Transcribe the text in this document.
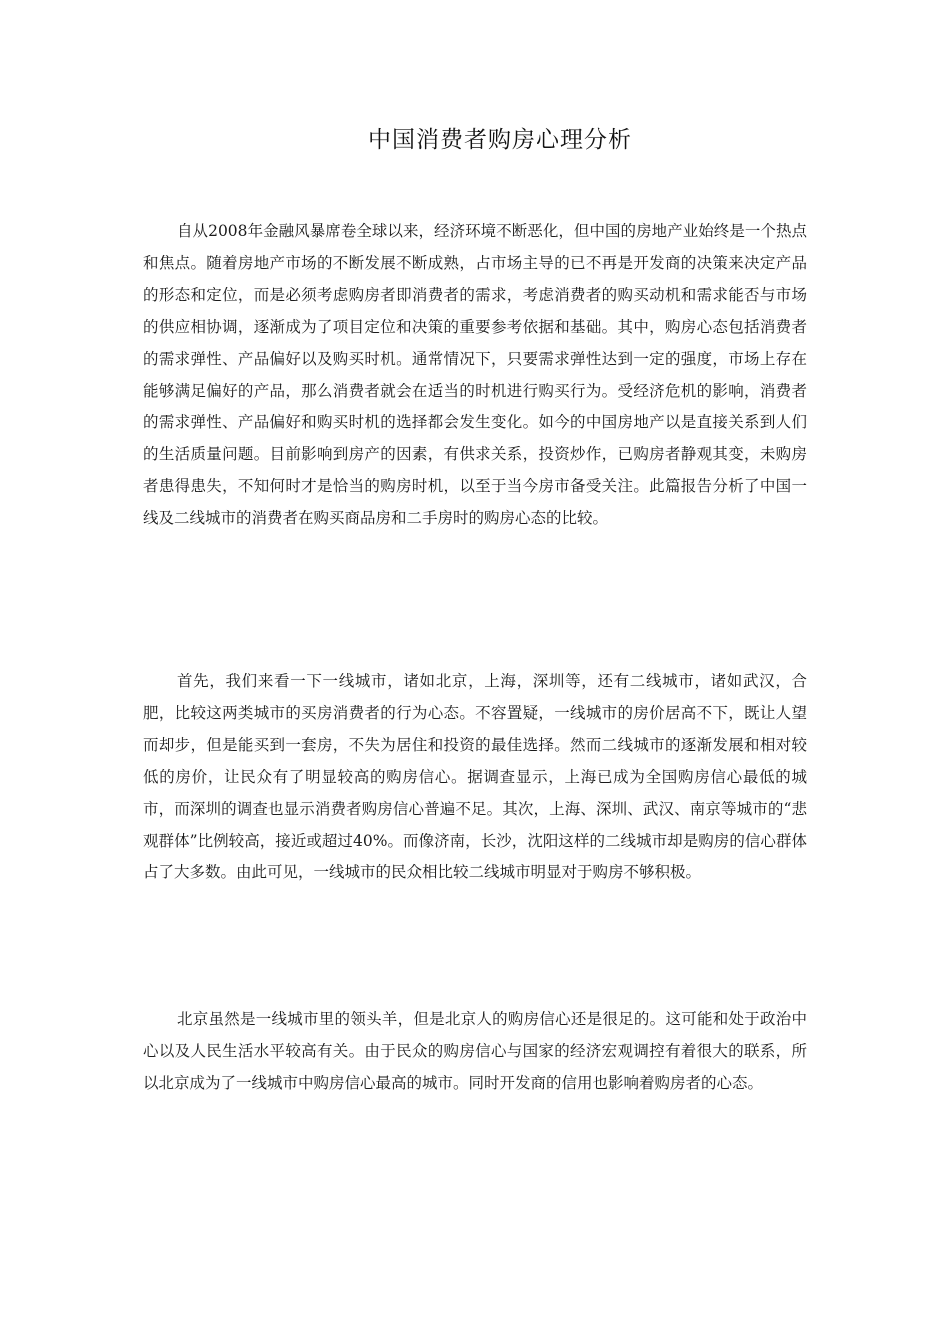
中国消费者购房心理分析

自从2008年金融风暴席卷全球以来，经济环境不断恶化，但中国的房地产业始终是一个热点和焦点。随着房地产市场的不断发展不断成熟，占市场主导的已不再是开发商的决策来决定产品的形态和定位，而是必须考虑购房者即消费者的需求，考虑消费者的购买动机和需求能否与市场的供应相协调，逐渐成为了项目定位和决策的重要参考依据和基础。其中，购房心态包括消费者的需求弹性、产品偏好以及购买时机。通常情况下，只要需求弹性达到一定的强度，市场上存在能够满足偏好的产品，那么消费者就会在适当的时机进行购买行为。受经济危机的影响，消费者的需求弹性、产品偏好和购买时机的选择都会发生变化。如今的中国房地产以是直接关系到人们的生活质量问题。目前影响到房产的因素，有供求关系，投资炒作，已购房者静观其变，未购房者患得患失，不知何时才是恰当的购房时机，以至于当今房市备受关注。此篇报告分析了中国一线及二线城市的消费者在购买商品房和二手房时的购房心态的比较。

首先，我们来看一下一线城市，诸如北京，上海，深圳等，还有二线城市，诸如武汉，合肥，比较这两类城市的买房消费者的行为心态。不容置疑，一线城市的房价居高不下，既让人望而却步，但是能买到一套房，不失为居住和投资的最佳选择。然而二线城市的逐渐发展和相对较低的房价，让民众有了明显较高的购房信心。据调查显示，上海已成为全国购房信心最低的城市，而深圳的调查也显示消费者购房信心普遍不足。其次，上海、深圳、武汉、南京等城市的“悲观群体”比例较高，接近或超过40%。而像济南，长沙，沈阳这样的二线城市却是购房的信心群体占了大多数。由此可见，一线城市的民众相比较二线城市明显对于购房不够积极。

北京虽然是一线城市里的领头羊，但是北京人的购房信心还是很足的。这可能和处于政治中心以及人民生活水平较高有关。由于民众的购房信心与国家的经济宏观调控有着很大的联系，所以北京成为了一线城市中购房信心最高的城市。同时开发商的信用也影响着购房者的心态。
